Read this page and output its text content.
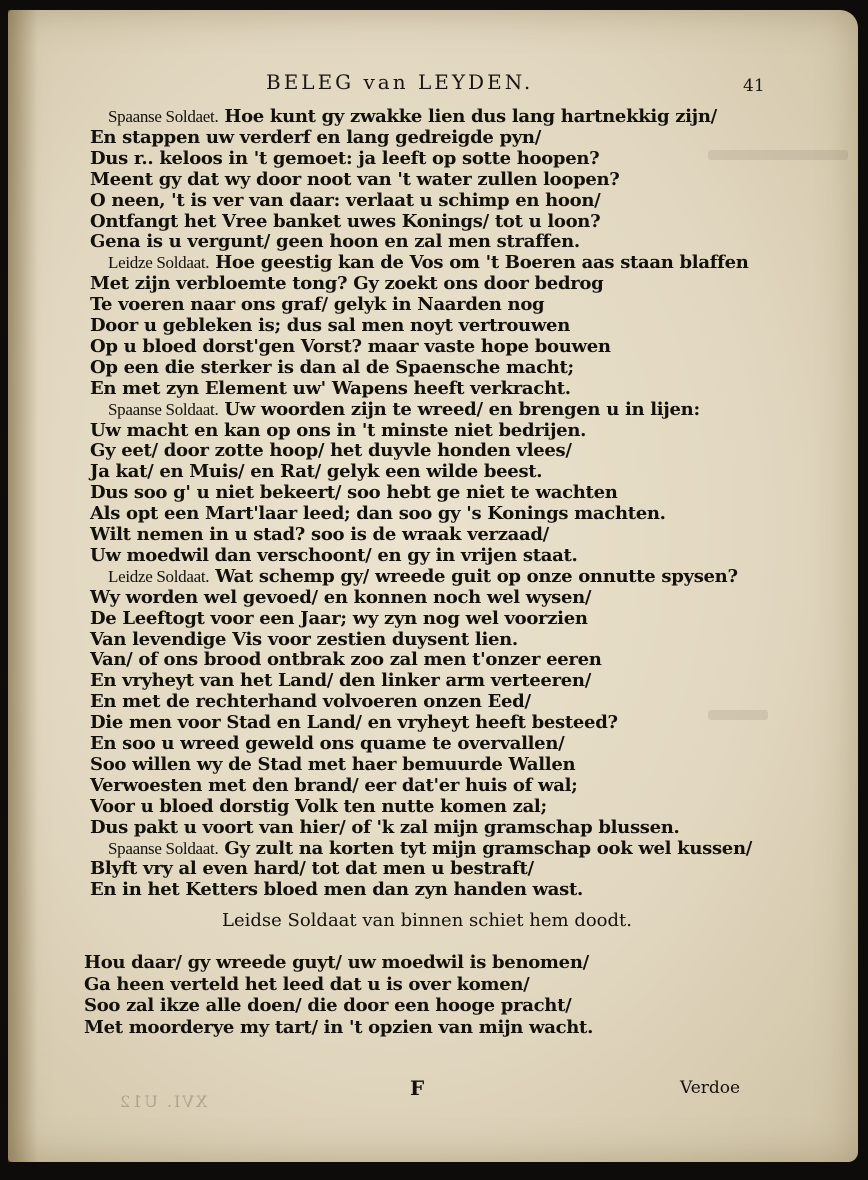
BELEG van LEYDEN.	41
Spaanse Soldaet. Hoe kunt gy zwakke lien dus lang hartnekkig zijn/
En stappen uw verderf en lang gedreigde pyn/
Dus r.. keloos in 't gemoet: ja leeft op sotte hoopen?
Meent gy dat wy door noot van 't water zullen loopen?
O neen, 't is ver van daar: verlaat u schimp en hoon/
Ontfangt het Vree banket uwes Konings/ tot u loon?
Gena is u vergunt/ geen hoon en zal men straffen.
Leidze Soldaat. Hoe geestig kan de Vos om 't Boeren aas staan blaffen
Met zijn verbloemte tong? Gy zoekt ons door bedrog
Te voeren naar ons graf/ gelyk in Naarden nog
Door u gebleken is; dus sal men noyt vertrouwen
Op u bloed dorst'gen Vorst? maar vaste hope bouwen
Op een die sterker is dan al de Spaensche macht;
En met zyn Element uw' Wapens heeft verkracht.
Spaanse Soldaat. Uw woorden zijn te wreed/ en brengen u in lijen:
Uw macht en kan op ons in 't minste niet bedrijen.
Gy eet/ door zotte hoop/ het duyvle honden vlees/
Ja kat/ en Muis/ en Rat/ gelyk een wilde beest.
Dus soo g' u niet bekeert/ soo hebt ge niet te wachten
Als opt een Mart'laar leed; dan soo gy 's Konings machten.
Wilt nemen in u stad? soo is de wraak verzaad/
Uw moedwil dan verschoont/ en gy in vrijen staat.
Leidze Soldaat. Wat schemp gy/ wreede guit op onze onnutte spysen?
Wy worden wel gevoed/ en konnen noch wel wysen/
De Leeftogt voor een Jaar; wy zyn nog wel voorzien
Van levendige Vis voor zestien duysent lien.
Van/ of ons brood ontbrak zoo zal men t'onzer eeren
En vryheyt van het Land/ den linker arm verteeren/
En met de rechterhand volvoeren onzen Eed/
Die men voor Stad en Land/ en vryheyt heeft besteed?
En soo u wreed geweld ons quame te overvallen/
Soo willen wy de Stad met haer bemuurde Wallen
Verwoesten met den brand/ eer dat'er huis of wal;
Voor u bloed dorstig Volk ten nutte komen zal;
Dus pakt u voort van hier/ of 'k zal mijn gramschap blussen.
Spaanse Soldaat. Gy zult na korten tyt mijn gramschap ook wel kussen/
Blyft vry al even hard/ tot dat men u bestraft/
En in het Ketters bloed men dan zyn handen wast.
Leidse Soldaat van binnen schiet hem doodt.
Hou daar/ gy wreede guyt/ uw moedwil is benomen/
Ga heen verteld het leed dat u is over komen/
Soo zal ikze alle doen/ die door een hooge pracht/
Met moorderye my tart/ in 't opzien van mijn wacht.
F	Verdoe
XVI. U12
